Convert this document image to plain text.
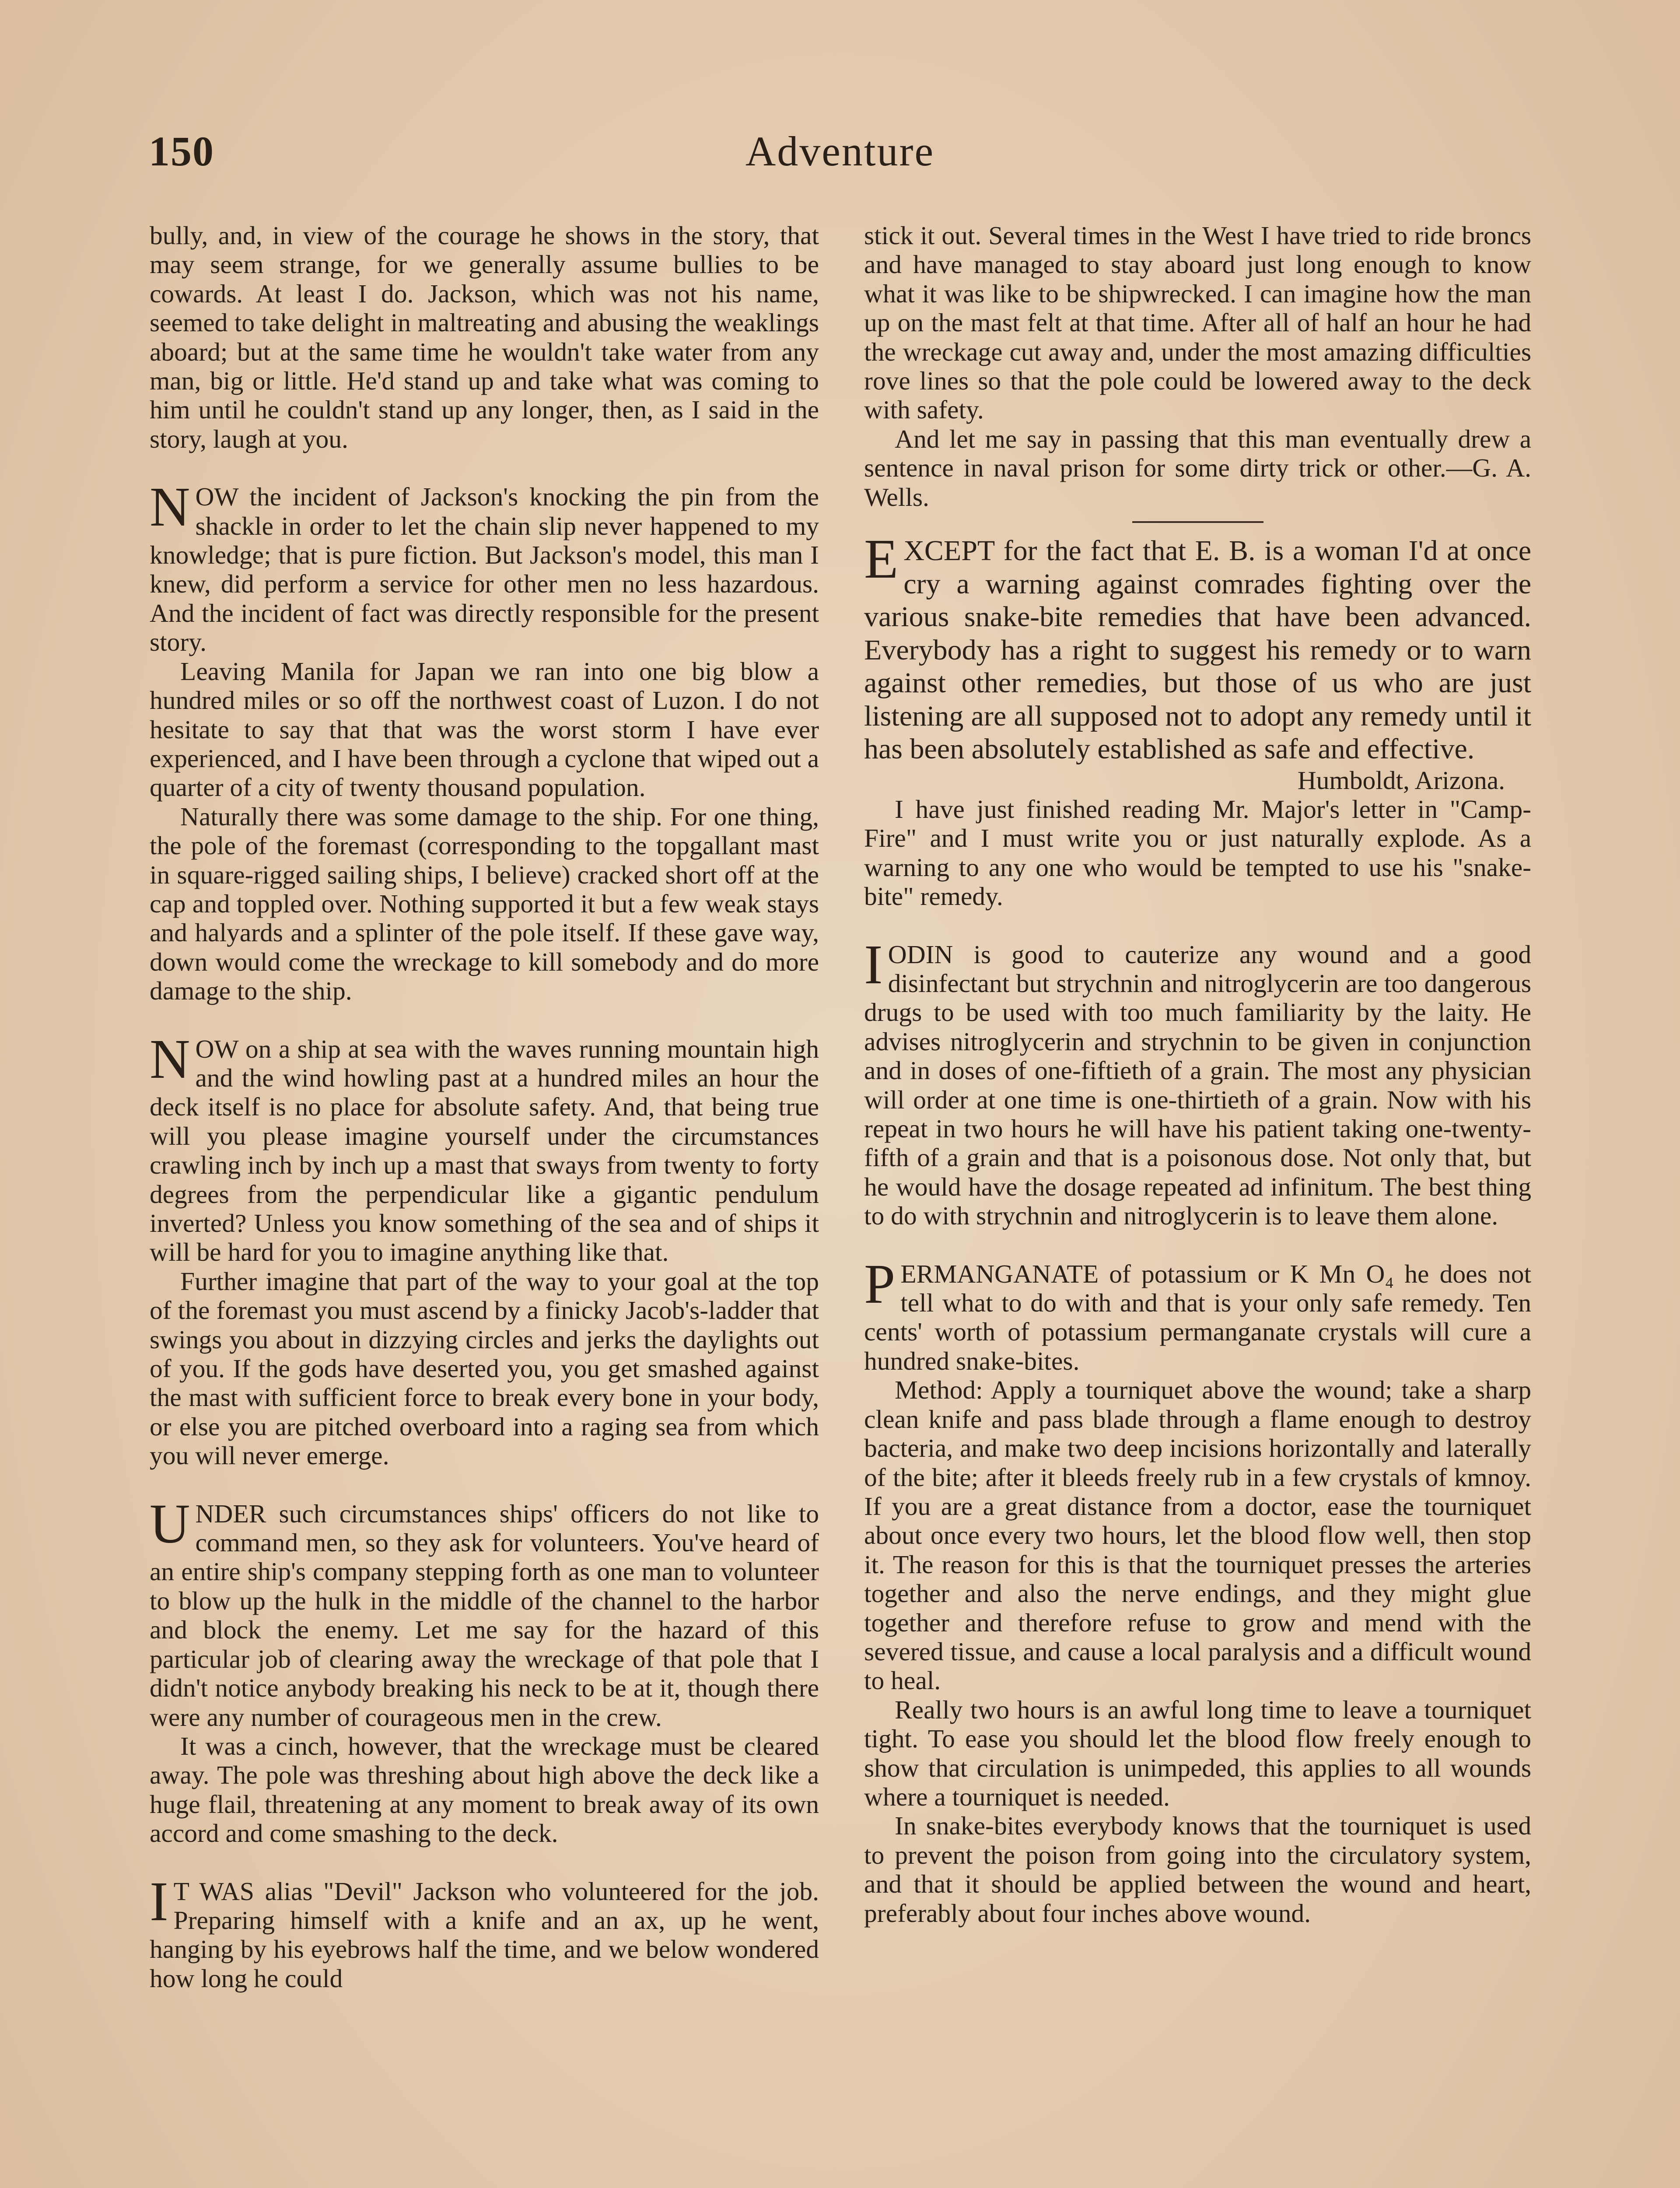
150	Adventure

bully, and, in view of the courage he shows in the story, that may seem strange, for we generally assume bullies to be cowards. At least I do. Jackson, which was not his name, seemed to take delight in maltreating and abusing the weaklings aboard; but at the same time he wouldn't take water from any man, big or little. He'd stand up and take what was coming to him until he couldn't stand up any longer, then, as I said in the story, laugh at you.

NOW the incident of Jackson's knocking the pin from the shackle in order to let the chain slip never happened to my knowledge; that is pure fiction. But Jackson's model, this man I knew, did perform a service for other men no less hazardous. And the incident of fact was directly responsible for the present story.

Leaving Manila for Japan we ran into one big blow a hundred miles or so off the northwest coast of Luzon. I do not hesitate to say that that was the worst storm I have ever experienced, and I have been through a cyclone that wiped out a quarter of a city of twenty thousand population.

Naturally there was some damage to the ship. For one thing, the pole of the foremast (corresponding to the topgallant mast in square-rigged sailing ships, I believe) cracked short off at the cap and toppled over. Nothing supported it but a few weak stays and halyards and a splinter of the pole itself. If these gave way, down would come the wreckage to kill somebody and do more damage to the ship.

NOW on a ship at sea with the waves running mountain high and the wind howling past at a hundred miles an hour the deck itself is no place for absolute safety. And, that being true will you please imagine yourself under the circumstances crawling inch by inch up a mast that sways from twenty to forty degrees from the perpendicular like a gigantic pendulum inverted? Unless you know something of the sea and of ships it will be hard for you to imagine anything like that.

Further imagine that part of the way to your goal at the top of the foremast you must ascend by a finicky Jacob's-ladder that swings you about in dizzying circles and jerks the daylights out of you. If the gods have deserted you, you get smashed against the mast with sufficient force to break every bone in your body, or else you are pitched overboard into a raging sea from which you will never emerge.

UNDER such circumstances ships' officers do not like to command men, so they ask for volunteers. You've heard of an entire ship's company stepping forth as one man to volunteer to blow up the hulk in the middle of the channel to the harbor and block the enemy. Let me say for the hazard of this particular job of clearing away the wreckage of that pole that I didn't notice anybody breaking his neck to be at it, though there were any number of courageous men in the crew.

It was a cinch, however, that the wreckage must be cleared away. The pole was threshing about high above the deck like a huge flail, threatening at any moment to break away of its own accord and come smashing to the deck.

I T WAS alias "Devil" Jackson who volunteered for the job. Preparing himself with a knife and an ax, up he went, hanging by his eyebrows half the time, and we below wondered how long he could

stick it out. Several times in the West I have tried to ride broncs and have managed to stay aboard just long enough to know what it was like to be shipwrecked. I can imagine how the man up on the mast felt at that time. After all of half an hour he had the wreckage cut away and, under the most amazing difficulties rove lines so that the pole could be lowered away to the deck with safety.

And let me say in passing that this man eventually drew a sentence in naval prison for some dirty trick or other.—G. A. Wells.

EXCEPT for the fact that E. B. is a woman I'd at once cry a warning against comrades fighting over the various snake-bite remedies that have been advanced. Everybody has a right to suggest his remedy or to warn against other remedies, but those of us who are just listening are all supposed not to adopt any remedy until it has been absolutely established as safe and effective.

Humboldt, Arizona.

I have just finished reading Mr. Major's letter in "Camp-Fire" and I must write you or just naturally explode. As a warning to any one who would be tempted to use his "snake-bite" remedy.

IODIN is good to cauterize any wound and a good disinfectant but strychnin and nitroglycerin are too dangerous drugs to be used with too much familiarity by the laity. He advises nitroglycerin and strychnin to be given in conjunction and in doses of one-fiftieth of a grain. The most any physician will order at one time is one-thirtieth of a grain. Now with his repeat in two hours he will have his patient taking one-twenty-fifth of a grain and that is a poisonous dose. Not only that, but he would have the dosage repeated ad infinitum. The best thing to do with strychnin and nitroglycerin is to leave them alone.

PERMANGANATE of potassium or K Mn O₄ he does not tell what to do with and that is your only safe remedy. Ten cents' worth of potassium permanganate crystals will cure a hundred snake-bites.

Method: Apply a tourniquet above the wound; take a sharp clean knife and pass blade through a flame enough to destroy bacteria, and make two deep incisions horizontally and laterally of the bite; after it bleeds freely rub in a few crystals of kmnoy. If you are a great distance from a doctor, ease the tourniquet about once every two hours, let the blood flow well, then stop it. The reason for this is that the tourniquet presses the arteries together and also the nerve endings, and they might glue together and therefore refuse to grow and mend with the severed tissue, and cause a local paralysis and a difficult wound to heal.

Really two hours is an awful long time to leave a tourniquet tight. To ease you should let the blood flow freely enough to show that circulation is unimpeded, this applies to all wounds where a tourniquet is needed.

In snake-bites everybody knows that the tourniquet is used to prevent the poison from going into the circulatory system, and that it should be applied between the wound and heart, preferably about four inches above wound.
